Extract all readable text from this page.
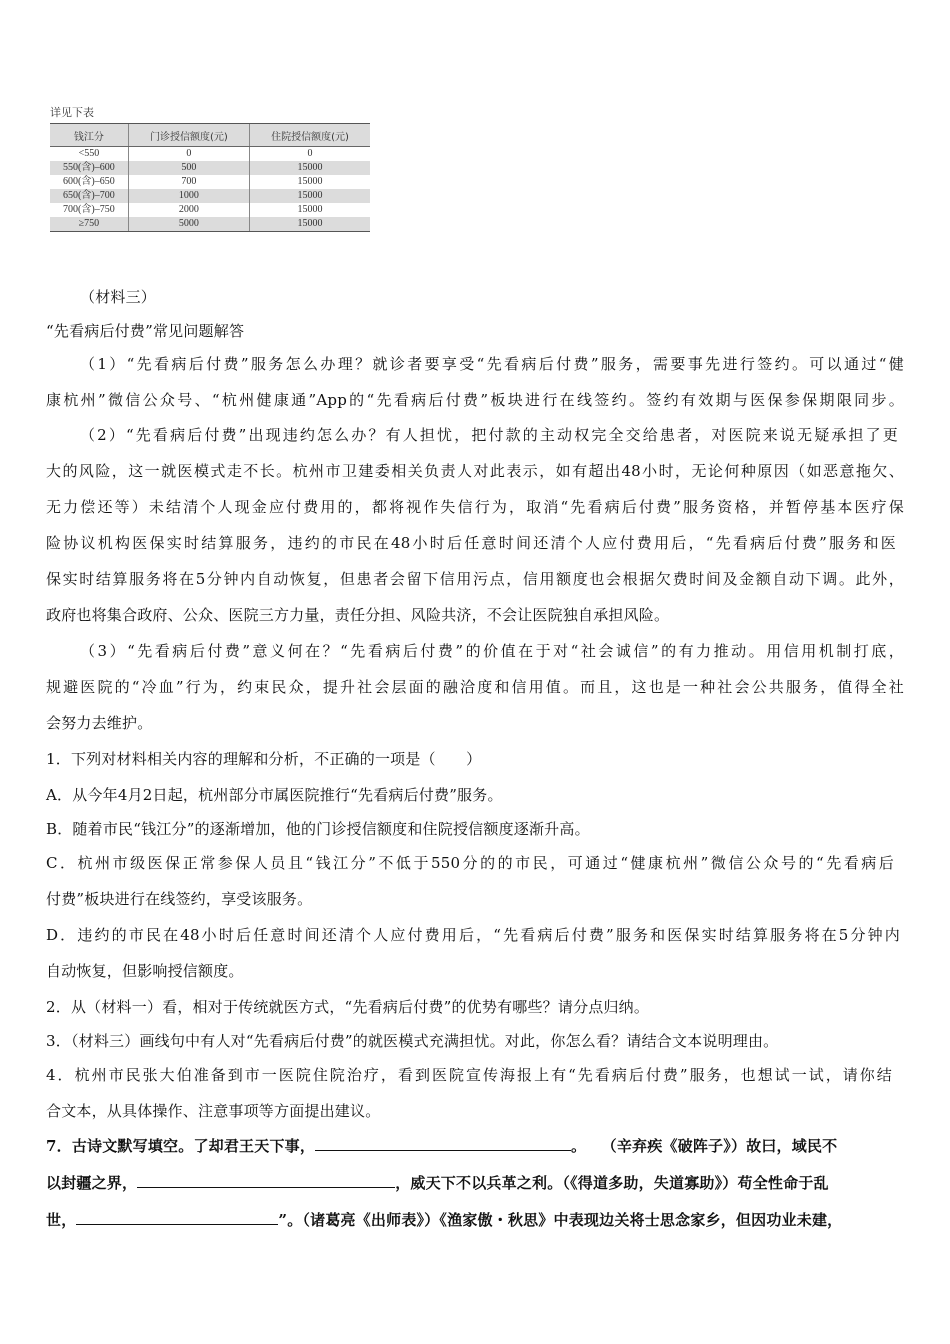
详见下表
钱江分	门诊授信额度(元)	住院授信额度(元)
<550	0	0
550(含)–600	500	15000
600(含)–650	700	15000
650(含)–700	1000	15000
700(含)–750	2000	15000
≥750	5000	15000
（材料三）
“先看病后付费”常见问题解答
（1）“先看病后付费”服务怎么办理？就诊者要享受“先看病后付费”服务，需要事先进行签约。可以通过“健
康杭州”微信公众号、“杭州健康通”App的“先看病后付费”板块进行在线签约。签约有效期与医保参保期限同步。
（2）“先看病后付费”出现违约怎么办？有人担忧，把付款的主动权完全交给患者，对医院来说无疑承担了更
大的风险，这一就医模式走不长。杭州市卫建委相关负责人对此表示，如有超出48小时，无论何种原因（如恶意拖欠、
无力偿还等）未结清个人现金应付费用的，都将视作失信行为，取消“先看病后付费”服务资格，并暂停基本医疗保
险协议机构医保实时结算服务，违约的市民在48小时后任意时间还清个人应付费用后，“先看病后付费”服务和医
保实时结算服务将在5分钟内自动恢复，但患者会留下信用污点，信用额度也会根据欠费时间及金额自动下调。此外，
政府也将集合政府、公众、医院三方力量，责任分担、风险共济，不会让医院独自承担风险。
（3）“先看病后付费”意义何在？“先看病后付费”的价值在于对“社会诚信”的有力推动。用信用机制打底，
规避医院的“冷血”行为，约束民众，提升社会层面的融洽度和信用值。而且，这也是一种社会公共服务，值得全社
会努力去维护。
1．下列对材料相关内容的理解和分析，不正确的一项是（　　）
A．从今年4月2日起，杭州部分市属医院推行“先看病后付费”服务。
B．随着市民“钱江分”的逐渐增加，他的门诊授信额度和住院授信额度逐渐升高。
C．杭州市级医保正常参保人员且“钱江分”不低于550分的的市民，可通过“健康杭州”微信公众号的“先看病后
付费”板块进行在线签约，享受该服务。
D．违约的市民在48小时后任意时间还清个人应付费用后，“先看病后付费”服务和医保实时结算服务将在5分钟内
自动恢复，但影响授信额度。
2．从（材料一）看，相对于传统就医方式，“先看病后付费”的优势有哪些？请分点归纳。
3．（材料三）画线句中有人对“先看病后付费”的就医模式充满担忧。对此，你怎么看？请结合文本说明理由。
4．杭州市民张大伯准备到市一医院住院治疗，看到医院宣传海报上有“先看病后付费”服务，也想试一试，请你结
合文本，从具体操作、注意事项等方面提出建议。
7．古诗文默写填空。了却君王天下事，	。　　（辛弃疾《破阵子》）故曰，域民不
以封疆之界，	，威天下不以兵革之利。（《得道多助，失道寡助》）苟全性命于乱
世，	”。（诸葛亮《出师表》）《渔家傲・秋思》中表现边关将士思念家乡，但因功业未建，
